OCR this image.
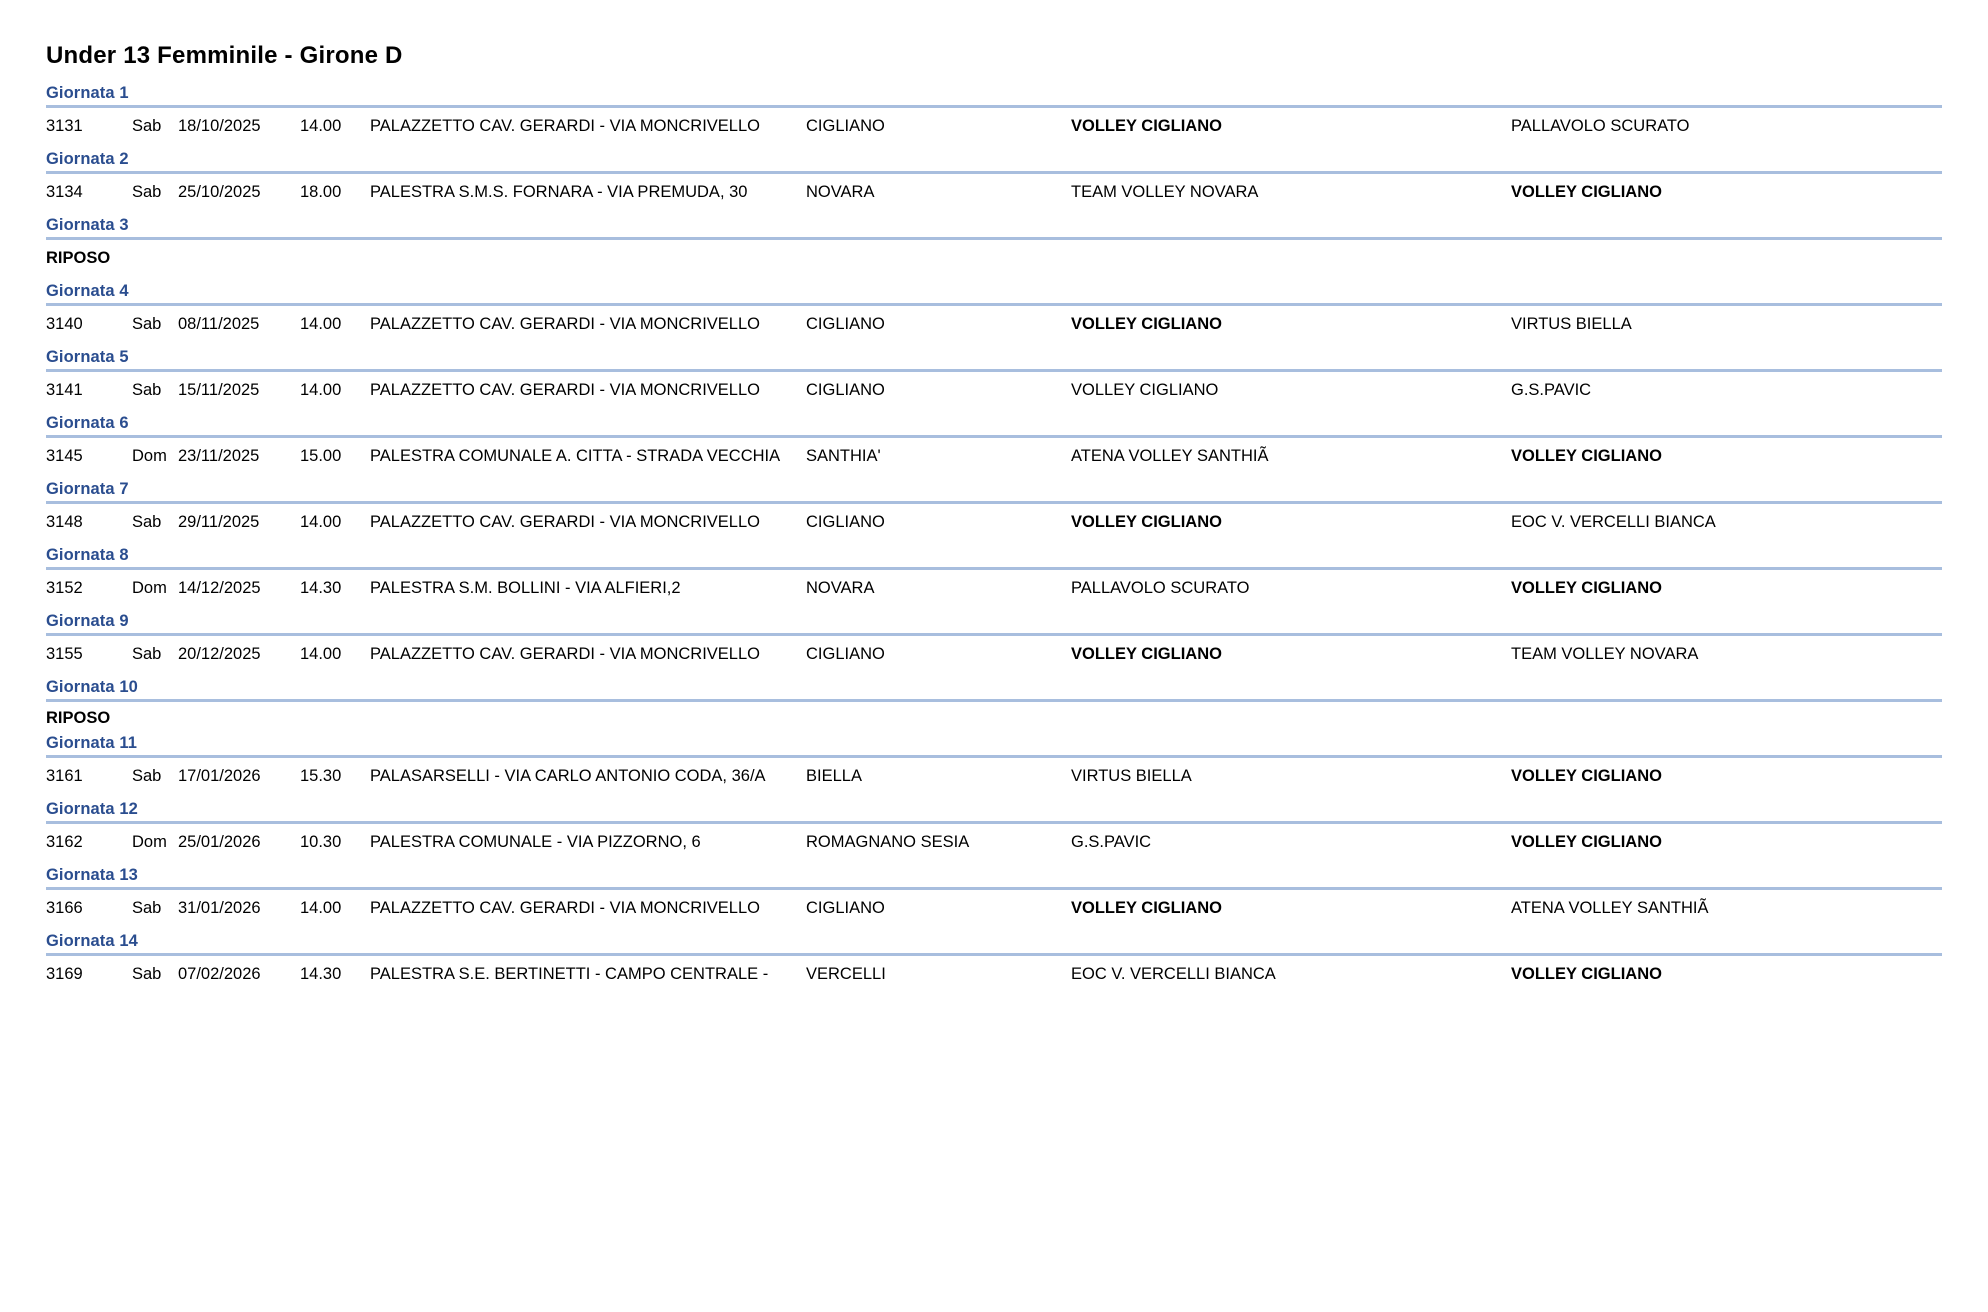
Under 13 Femminile - Girone D
Giornata 1
3131	Sab	18/10/2025	14.00	PALAZZETTO CAV. GERARDI - VIA MONCRIVELLO	CIGLIANO	VOLLEY CIGLIANO	PALLAVOLO SCURATO
Giornata 2
3134	Sab	25/10/2025	18.00	PALESTRA S.M.S. FORNARA - VIA PREMUDA, 30	NOVARA	TEAM VOLLEY NOVARA	VOLLEY CIGLIANO
Giornata 3
RIPOSO
Giornata 4
3140	Sab	08/11/2025	14.00	PALAZZETTO CAV. GERARDI - VIA MONCRIVELLO	CIGLIANO	VOLLEY CIGLIANO	VIRTUS BIELLA
Giornata 5
3141	Sab	15/11/2025	14.00	PALAZZETTO CAV. GERARDI - VIA MONCRIVELLO	CIGLIANO	VOLLEY CIGLIANO	G.S.PAVIC
Giornata 6
3145	Dom 23/11/2025	15.00	PALESTRA COMUNALE A. CITTA - STRADA VECCHIA	SANTHIA'	ATENA VOLLEY SANTHIÃ	VOLLEY CIGLIANO
Giornata 7
3148	Sab	29/11/2025	14.00	PALAZZETTO CAV. GERARDI - VIA MONCRIVELLO	CIGLIANO	VOLLEY CIGLIANO	EOC V. VERCELLI BIANCA
Giornata 8
3152	Dom 14/12/2025	14.30	PALESTRA S.M. BOLLINI - VIA ALFIERI,2	NOVARA	PALLAVOLO SCURATO	VOLLEY CIGLIANO
Giornata 9
3155	Sab	20/12/2025	14.00	PALAZZETTO CAV. GERARDI - VIA MONCRIVELLO	CIGLIANO	VOLLEY CIGLIANO	TEAM VOLLEY NOVARA
Giornata 10
RIPOSO
Giornata 11
3161	Sab	17/01/2026	15.30	PALASARSELLI - VIA CARLO ANTONIO CODA, 36/A	BIELLA	VIRTUS BIELLA	VOLLEY CIGLIANO
Giornata 12
3162	Dom 25/01/2026	10.30	PALESTRA COMUNALE - VIA PIZZORNO, 6	ROMAGNANO SESIA	G.S.PAVIC	VOLLEY CIGLIANO
Giornata 13
3166	Sab	31/01/2026	14.00	PALAZZETTO CAV. GERARDI - VIA MONCRIVELLO	CIGLIANO	VOLLEY CIGLIANO	ATENA VOLLEY SANTHIÃ
Giornata 14
3169	Sab	07/02/2026	14.30	PALESTRA S.E. BERTINETTI - CAMPO CENTRALE -	VERCELLI	EOC V. VERCELLI BIANCA	VOLLEY CIGLIANO
